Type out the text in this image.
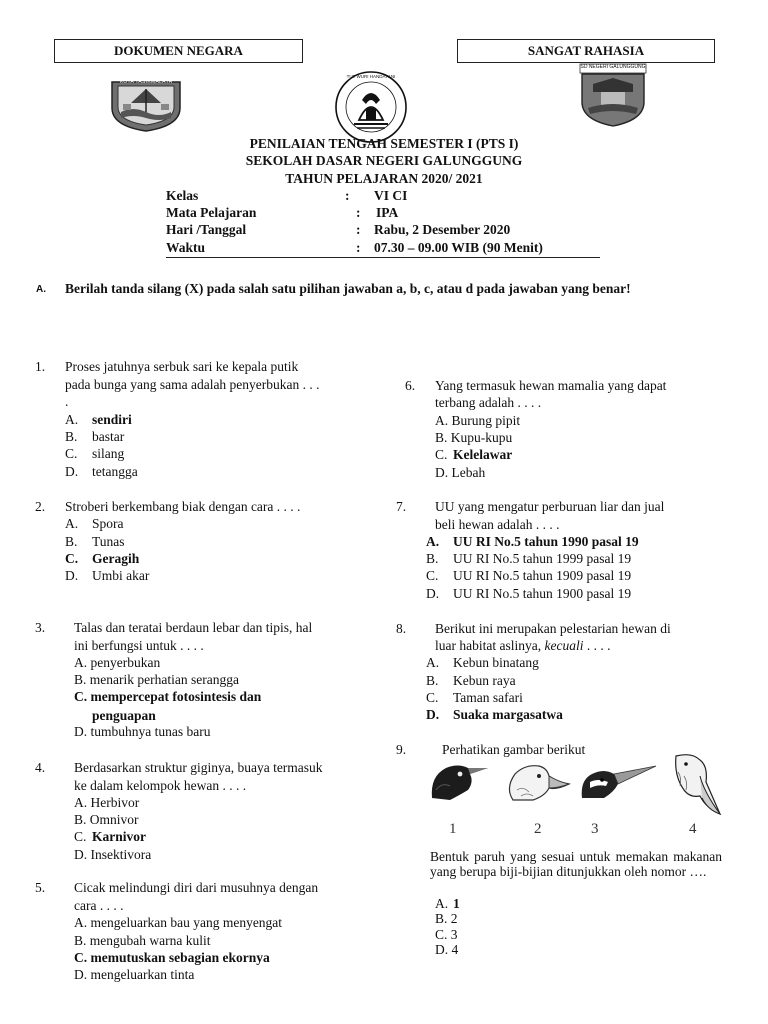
DOKUMEN NEGARA	SANGAT RAHASIA
KOTA TASIKMALAYA
TUT WURI HANDAYANI
SD NEGERI GALUNGGUNG
PENILAIAN TENGAH SEMESTER I (PTS I)
SEKOLAH DASAR NEGERI GALUNGGUNG
TAHUN PELAJARAN 2020/ 2021
Kelas	: VI CI
Mata Pelajaran	: IPA
Hari /Tanggal	: Rabu, 2 Desember 2020
Waktu	: 07.30 – 09.00 WIB (90 Menit)
A. Berilah tanda silang (X) pada salah satu pilihan jawaban a, b, c, atau d pada jawaban yang benar!
1. Proses jatuhnya serbuk sari ke kepala putik
pada bunga yang sama adalah penyerbukan . . .
.
A. sendiri
B. bastar
C. silang
D. tetangga
2. Stroberi berkembang biak dengan cara . . . .
A. Spora
B. Tunas
C. Geragih
D. Umbi akar
3. Talas dan teratai berdaun lebar dan tipis, hal
ini berfungsi untuk . . . .
A. penyerbukan
B. menarik perhatian serangga
C. mempercepat fotosintesis dan
penguapan
D. tumbuhnya tunas baru
4. Berdasarkan struktur giginya, buaya termasuk
ke dalam kelompok hewan . . . .
A. Herbivor
B. Omnivor
C. Karnivor
D. Insektivora
5. Cicak melindungi diri dari musuhnya dengan
cara . . . .
A. mengeluarkan bau yang menyengat
B. mengubah warna kulit
C. memutuskan sebagian ekornya
D. mengeluarkan tinta
6. Yang termasuk hewan mamalia yang dapat
terbang adalah . . . .
A. Burung pipit
B. Kupu-kupu
C. Kelelawar
D. Lebah
7. UU yang mengatur perburuan liar dan jual
beli hewan adalah . . . .
A. UU RI No.5 tahun 1990 pasal 19
B. UU RI No.5 tahun 1999 pasal 19
C. UU RI No.5 tahun 1909 pasal 19
D. UU RI No.5 tahun 1900 pasal 19
8. Berikut ini merupakan pelestarian hewan di
luar habitat aslinya, kecuali . . . .
A. Kebun binatang
B. Kebun raya
C. Taman safari
D. Suaka margasatwa
9.	Perhatikan gambar berikut
1	2	3	4
Bentuk paruh yang sesuai untuk memakan makanan yang berupa biji-bijian ditunjukkan oleh nomor ….
A. 1
B. 2
C. 3
D. 4
